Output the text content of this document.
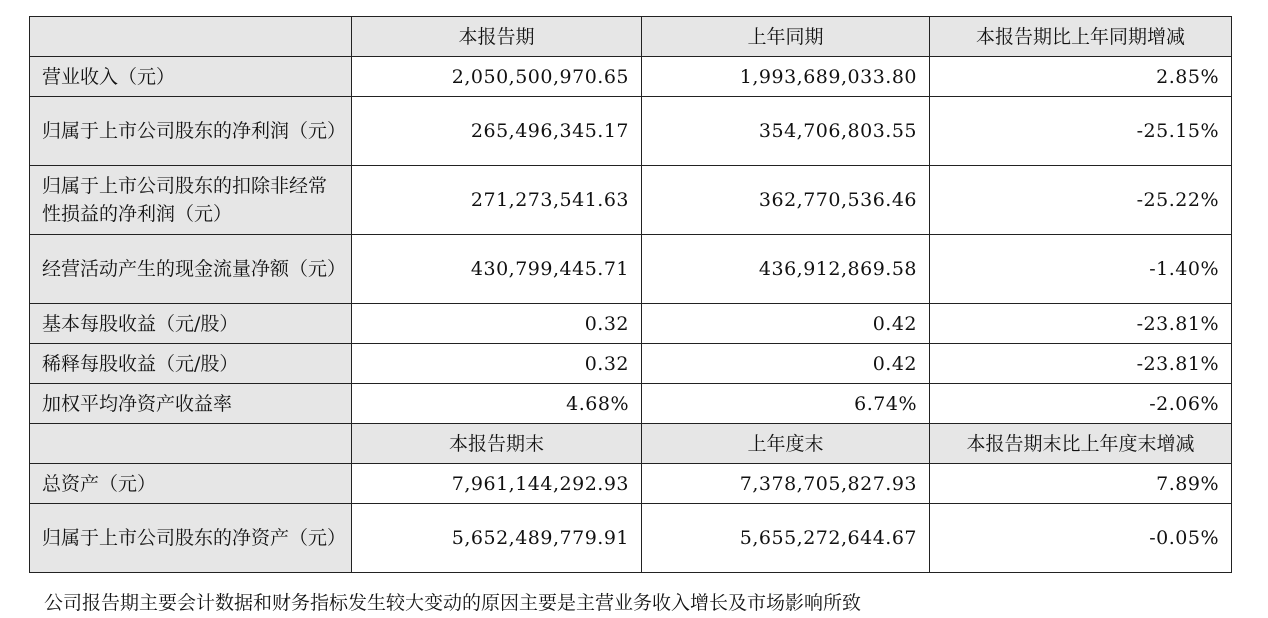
	本报告期	上年同期	本报告期比上年同期增减
营业收入（元）	2,050,500,970.65	1,993,689,033.80	2.85%
归属于上市公司股东的净利润（元）	265,496,345.17	354,706,803.55	-25.15%
归属于上市公司股东的扣除非经常性损益的净利润（元）	271,273,541.63	362,770,536.46	-25.22%
经营活动产生的现金流量净额（元）	430,799,445.71	436,912,869.58	-1.40%
基本每股收益（元/股）	0.32	0.42	-23.81%
稀释每股收益（元/股）	0.32	0.42	-23.81%
加权平均净资产收益率	4.68%	6.74%	-2.06%
	本报告期末	上年度末	本报告期末比上年度末增减
总资产（元）	7,961,144,292.93	7,378,705,827.93	7.89%
归属于上市公司股东的净资产（元）	5,652,489,779.91	5,655,272,644.67	-0.05%
公司报告期主要会计数据和财务指标发生较大变动的原因主要是主营业务收入增长及市场影响所致
